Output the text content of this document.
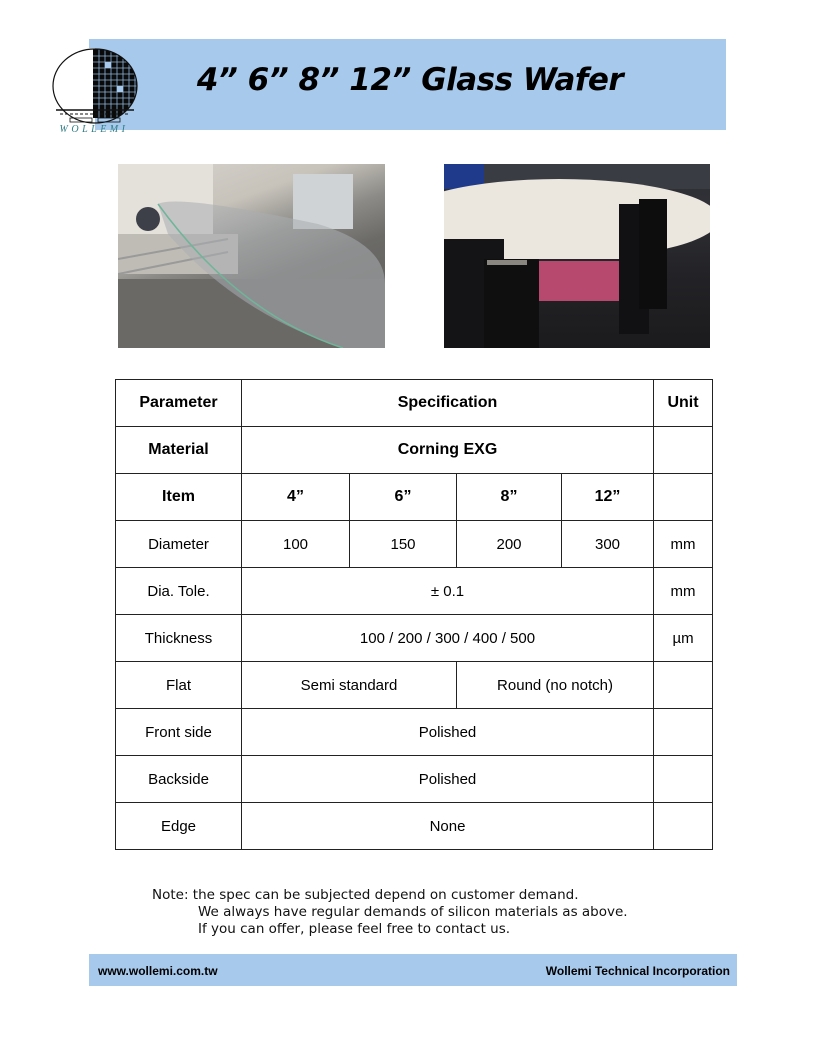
WOLLEMI
4” 6” 8” 12” Glass Wafer
Parameter	Specification				Unit
Material	Corning EXG				
Item	4”	6”	8”	12”	
Diameter	100	150	200	300	mm
Dia. Tole.	± 0.1				mm
Thickness	100 / 200 / 300 / 400 / 500				µm
Flat	Semi standard		Round (no notch)		
Front side	Polished				
Backside	Polished				
Edge	None				
Note: the spec can be subjected depend on customer demand.
We always have regular demands of silicon materials as above.
If you can offer, please feel free to contact us.
www.wollemi.com.tw	Wollemi Technical Incorporation
